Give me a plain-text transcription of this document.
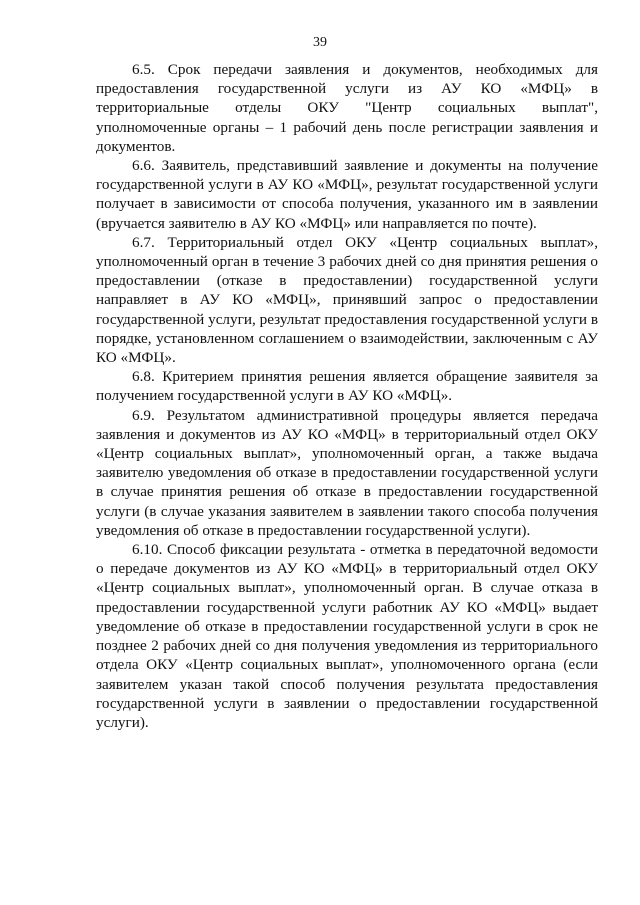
39

6.5. Срок передачи заявления и документов, необходимых для предоставления государственной услуги из АУ КО «МФЦ» в территориальные отделы ОКУ "Центр социальных выплат", уполномоченные органы – 1 рабочий день после регистрации заявления и документов.

6.6. Заявитель, представивший заявление и документы на получение государственной услуги в АУ КО «МФЦ», результат государственной услуги получает в зависимости от способа получения, указанного им в заявлении (вручается заявителю в АУ КО «МФЦ» или направляется по почте).

6.7. Территориальный отдел ОКУ «Центр социальных выплат», уполномоченный орган в течение 3 рабочих дней со дня принятия решения о предоставлении (отказе в предоставлении) государственной услуги направляет в АУ КО «МФЦ», принявший запрос о предоставлении государственной услуги, результат предоставления государственной услуги в порядке, установленном соглашением о взаимодействии, заключенным с АУ КО «МФЦ».

6.8. Критерием принятия решения является обращение заявителя за получением государственной услуги в АУ КО «МФЦ».

6.9. Результатом административной процедуры является передача заявления и документов из АУ КО «МФЦ» в территориальный отдел ОКУ «Центр социальных выплат», уполномоченный орган, а также выдача заявителю уведомления об отказе в предоставлении государственной услуги в случае принятия решения об отказе в предоставлении государственной услуги (в случае указания заявителем в заявлении такого способа получения уведомления об отказе в предоставлении государственной услуги).

6.10. Способ фиксации результата - отметка в передаточной ведомости о передаче документов из АУ КО «МФЦ» в территориальный отдел ОКУ «Центр социальных выплат», уполномоченный орган. В случае отказа в предоставлении государственной услуги работник АУ КО «МФЦ» выдает уведомление об отказе в предоставлении государственной услуги в срок не позднее 2 рабочих дней со дня получения уведомления из территориального отдела ОКУ «Центр социальных выплат», уполномоченного органа (если заявителем указан такой способ получения результата предоставления государственной услуги в заявлении о предоставлении государственной услуги).
